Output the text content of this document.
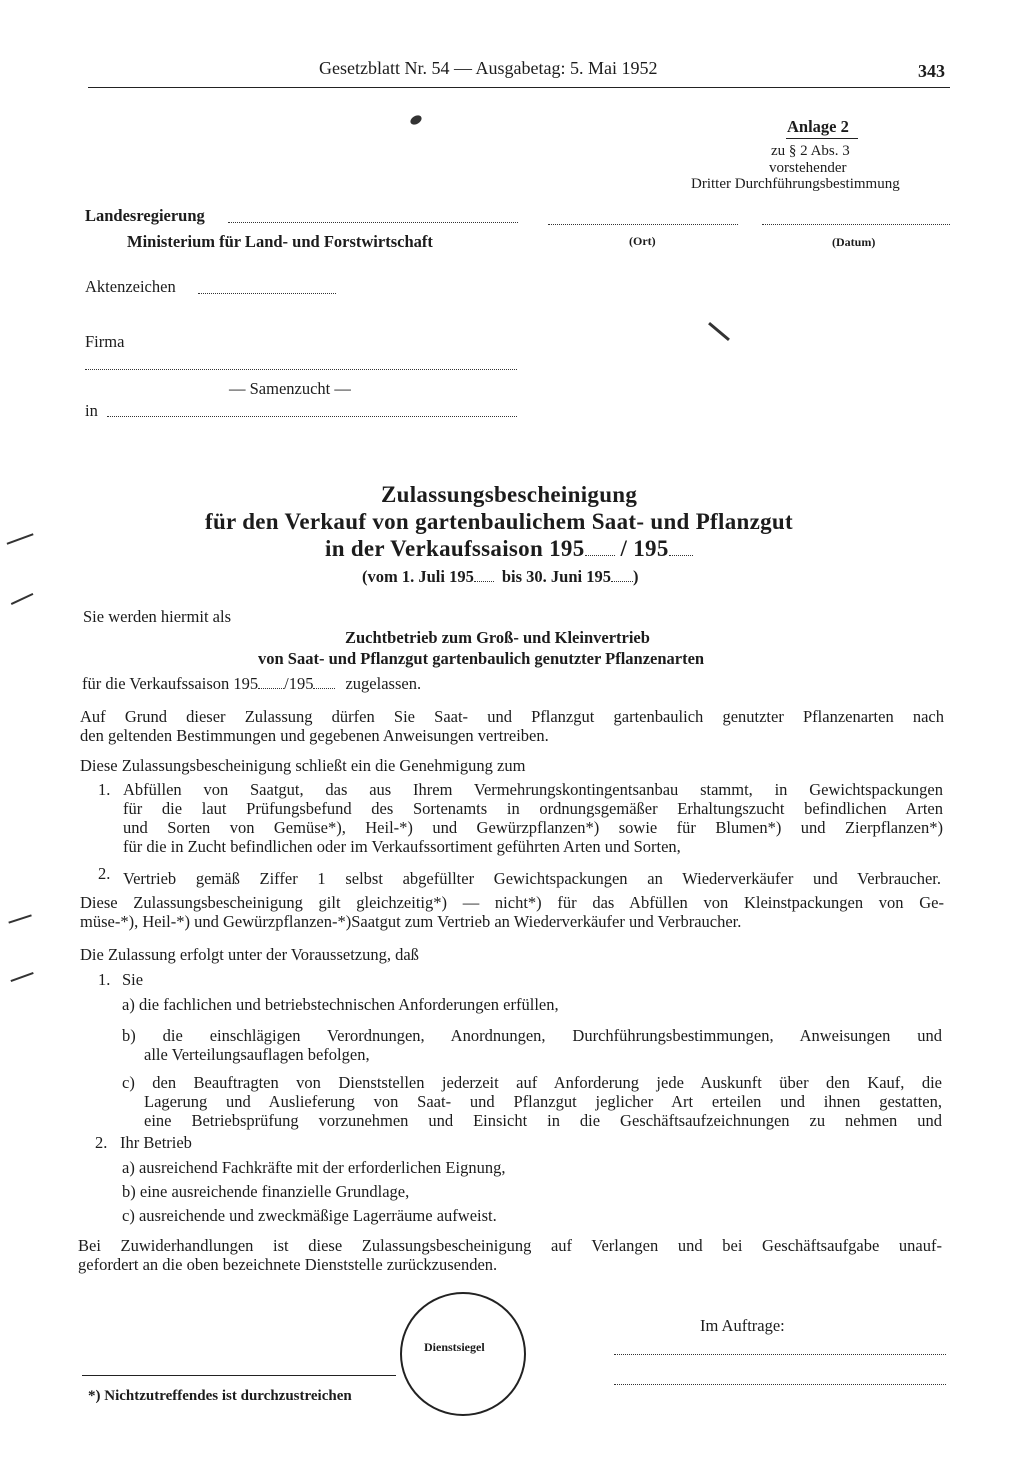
Gesetzblatt Nr. 54 — Ausgabetag: 5. Mai 1952	343
Anlage 2
zu § 2 Abs. 3
vorstehender
Dritter Durchführungsbestimmung
Landesregierung
Ministerium für Land- und Forstwirtschaft	(Ort)	(Datum)
Aktenzeichen
Firma
— Samenzucht —
in
Zulassungsbescheinigung
für den Verkauf von gartenbaulichem Saat- und Pflanzgut
in der Verkaufssaison 195 / 195
(vom 1. Juli 195 bis 30. Juni 195 )
Sie werden hiermit als
Zuchtbetrieb zum Groß- und Kleinvertrieb
von Saat- und Pflanzgut gartenbaulich genutzter Pflanzenarten
für die Verkaufssaison 195 /195 zugelassen.
Auf Grund dieser Zulassung dürfen Sie Saat- und Pflanzgut gartenbaulich genutzter Pflanzenarten nach
den geltenden Bestimmungen und gegebenen Anweisungen vertreiben.
Diese Zulassungsbescheinigung schließt ein die Genehmigung zum
1. Abfüllen von Saatgut, das aus Ihrem Vermehrungskontingentsanbau stammt, in Gewichtspackungen
für die laut Prüfungsbefund des Sortenamts in ordnungsgemäßer Erhaltungszucht befindlichen Arten
und Sorten von Gemüse*), Heil-*) und Gewürzpflanzen*) sowie für Blumen*) und Zierpflanzen*)
für die in Zucht befindlichen oder im Verkaufssortiment geführten Arten und Sorten,
2. Vertrieb gemäß Ziffer 1 selbst abgefüllter Gewichtspackungen an Wiederverkäufer und Verbraucher.
Diese Zulassungsbescheinigung gilt gleichzeitig*) — nicht*) für das Abfüllen von Kleinstpackungen von Ge-
müse-*), Heil-*) und Gewürzpflanzen-*)Saatgut zum Vertrieb an Wiederverkäufer und Verbraucher.
Die Zulassung erfolgt unter der Voraussetzung, daß
1. Sie
a) die fachlichen und betriebstechnischen Anforderungen erfüllen,
b) die einschlägigen Verordnungen, Anordnungen, Durchführungsbestimmungen, Anweisungen und
alle Verteilungsauflagen befolgen,
c) den Beauftragten von Dienststellen jederzeit auf Anforderung jede Auskunft über den Kauf, die
Lagerung und Auslieferung von Saat- und Pflanzgut jeglicher Art erteilen und ihnen gestatten,
eine Betriebsprüfung vorzunehmen und Einsicht in die Geschäftsaufzeichnungen zu nehmen und
2. Ihr Betrieb
a) ausreichend Fachkräfte mit der erforderlichen Eignung,
b) eine ausreichende finanzielle Grundlage,
c) ausreichende und zweckmäßige Lagerräume aufweist.
Bei Zuwiderhandlungen ist diese Zulassungsbescheinigung auf Verlangen und bei Geschäftsaufgabe unauf-
gefordert an die oben bezeichnete Dienststelle zurückzusenden.
Dienstsiegel
Im Auftrage:
*) Nichtzutreffendes ist durchzustreichen
